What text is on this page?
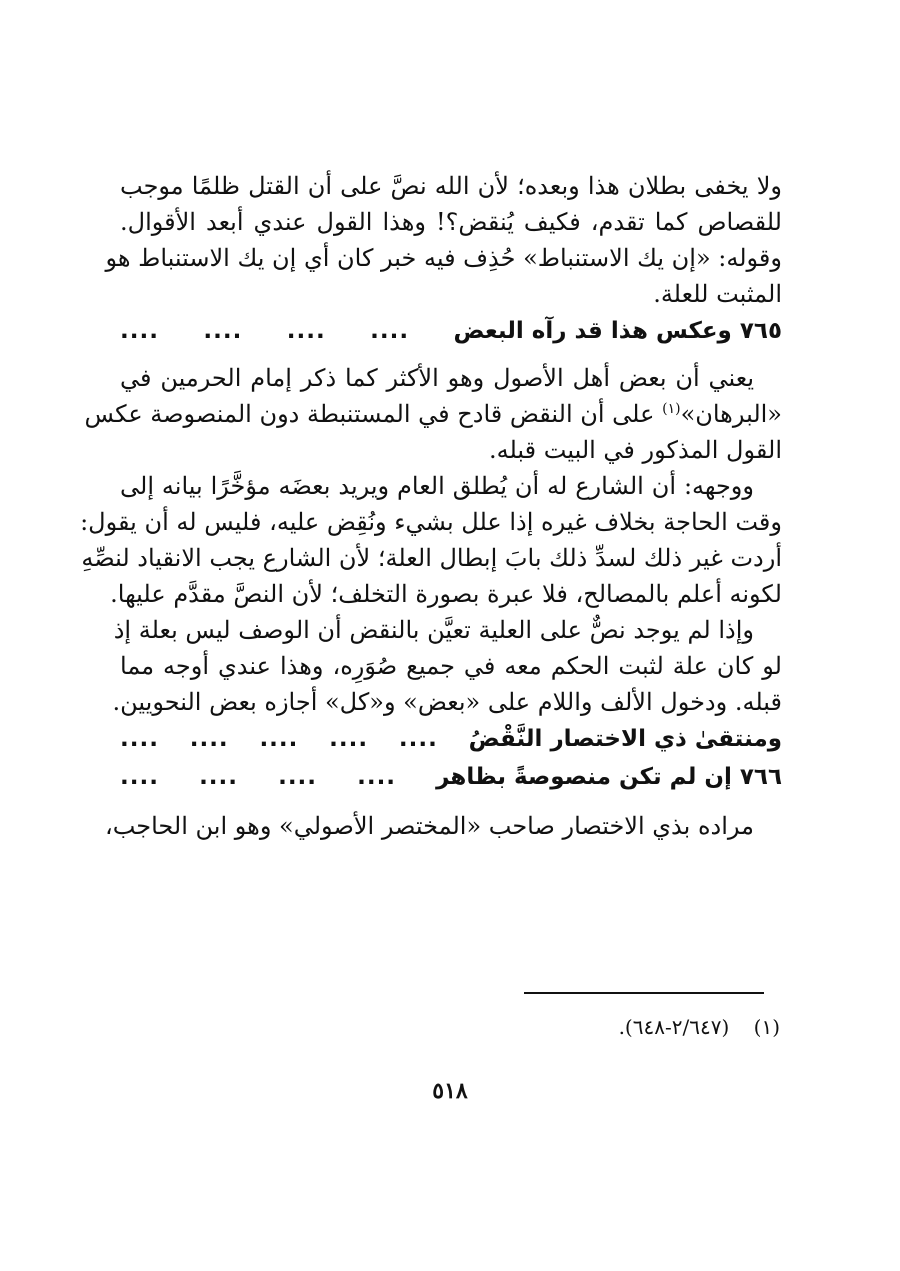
ولا يخفى بطلان هذا وبعده؛ لأن الله نصَّ على أن القتل ظلمًا موجب

للقصاص كما تقدم، فكيف يُنقض؟! وهذا القول عندي أبعد الأقوال.

وقوله: «إن يك الاستنباط» حُذِف فيه خبر كان أي إن يك الاستنباط هو

المثبت للعلة.

٧٦٥ وعكس هذا قد رآه البعض
....
....
....
....

يعني أن بعض أهل الأصول وهو الأكثر كما ذكر إمام الحرمين في

«البرهان»$^{(١)}$ على أن النقض قادح في المستنبطة دون المنصوصة عكس

القول المذكور في البيت قبله.

ووجهه: أن الشارع له أن يُطلق العام ويريد بعضَه مؤخَّرًا بيانه إلى

وقت الحاجة بخلاف غيره إذا علل بشيء ونُقِض عليه، فليس له أن يقول:

أردت غير ذلك لسدِّ ذلك بابَ إبطال العلة؛ لأن الشارع يجب الانقياد لنصِّهِ

لكونه أعلم بالمصالح، فلا عبرة بصورة التخلف؛ لأن النصَّ مقدَّم عليها.

وإذا لم يوجد نصٌّ على العلية تعيَّن بالنقض أن الوصف ليس بعلة إذ

لو كان علة لثبت الحكم معه في جميع صُوَرِه، وهذا عندي أوجه مما

قبله. ودخول الألف واللام على «بعض» و«كل» أجازه بعض النحويين.

ومنتقىٰ ذي الاختصار النَّقْضُ
....
....
....
....
....
٧٦٦ إن لم تكن منصوصةً بظاهر
....
....
....
....

مراده بذي الاختصار صاحب «المختصر الأصولي» وهو ابن الحاجب،

(١) (٢/٦٤٧-٦٤٨).
٥١٨
